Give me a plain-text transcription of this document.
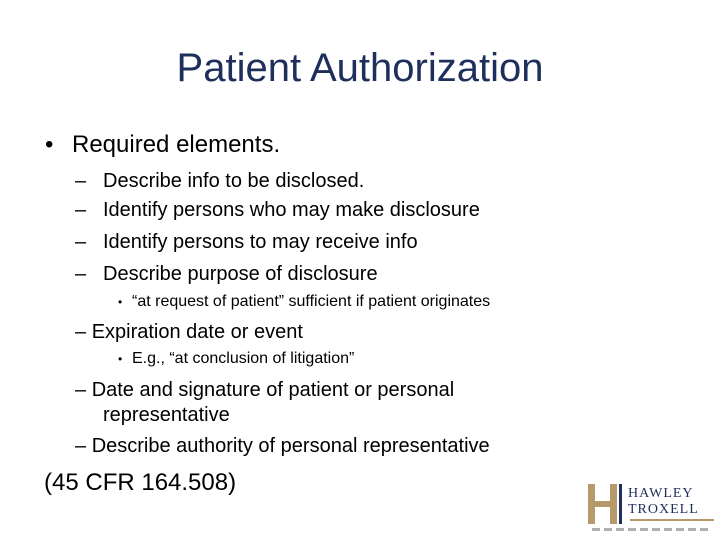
Patient Authorization
• Required elements.
– Describe info to be disclosed.
– Identify persons who may make disclosure
– Identify persons to may receive info
– Describe purpose of disclosure
• “at request of patient” sufficient if patient originates
– Expiration date or event
• E.g., “at conclusion of litigation”
– Date and signature of patient or personal
representative
– Describe authority of personal representative
(45 CFR 164.508)	HAWLEY
TROXELL
